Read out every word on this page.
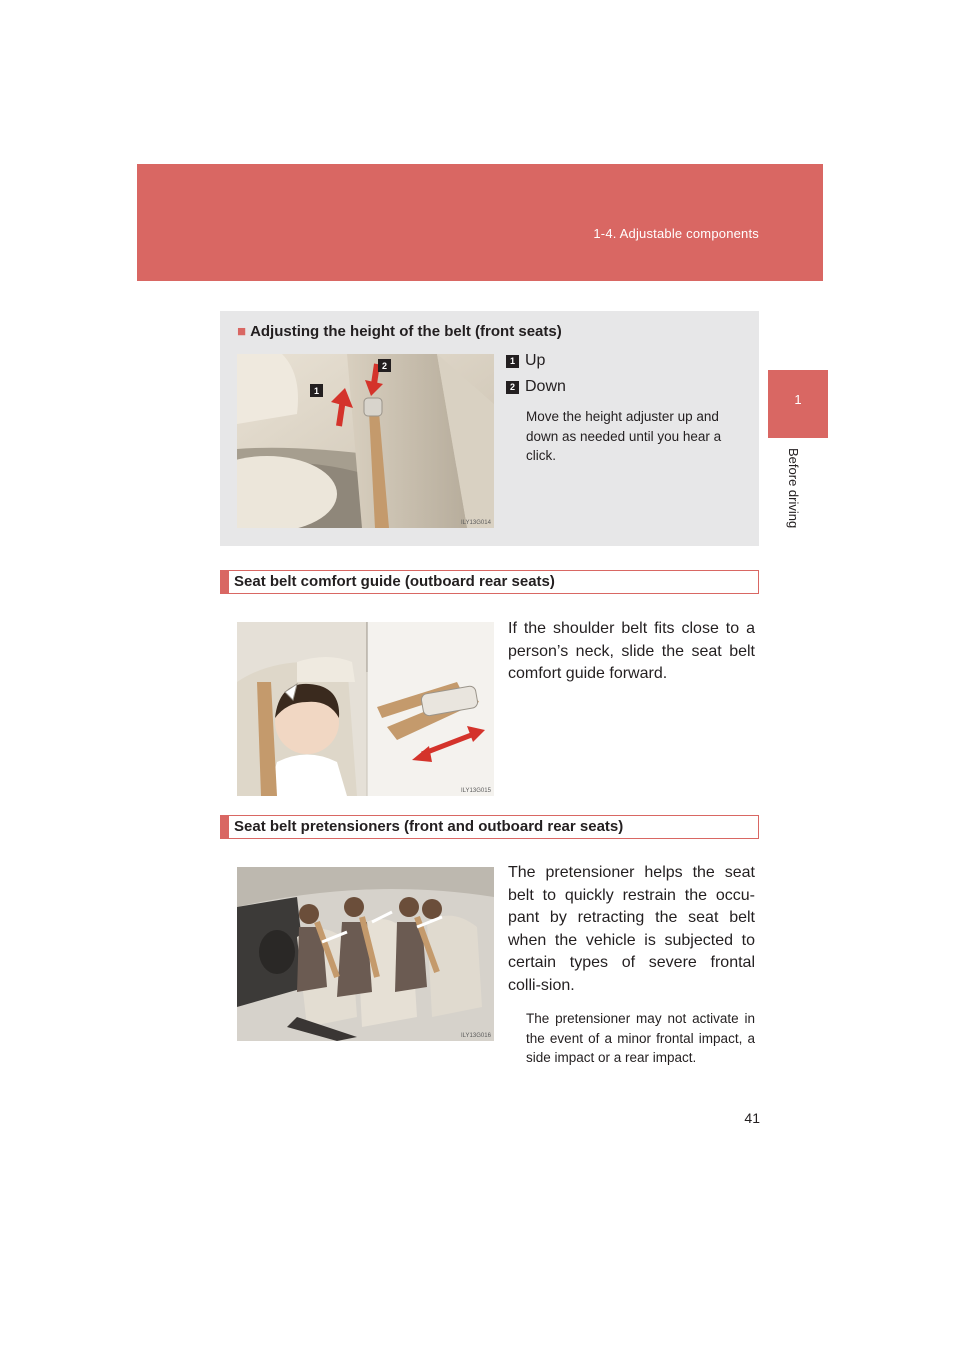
1-4. Adjustable components
1
Before driving
■ Adjusting the height of the belt (front seats)
1
2
ILY13G014
1 Up
2 Down
Move the height adjuster up and down as needed until you hear a click.
Seat belt comfort guide (outboard rear seats)
ILY13G015
If the shoulder belt fits close to a person’s neck, slide the seat belt comfort guide forward.
Seat belt pretensioners (front and outboard rear seats)
ILY13G016
The pretensioner helps the seat belt to quickly restrain the occu-pant by retracting the seat belt when the vehicle is subjected to certain types of severe frontal colli-sion.
The pretensioner may not activate in the event of a minor frontal impact, a side impact or a rear impact.
41
